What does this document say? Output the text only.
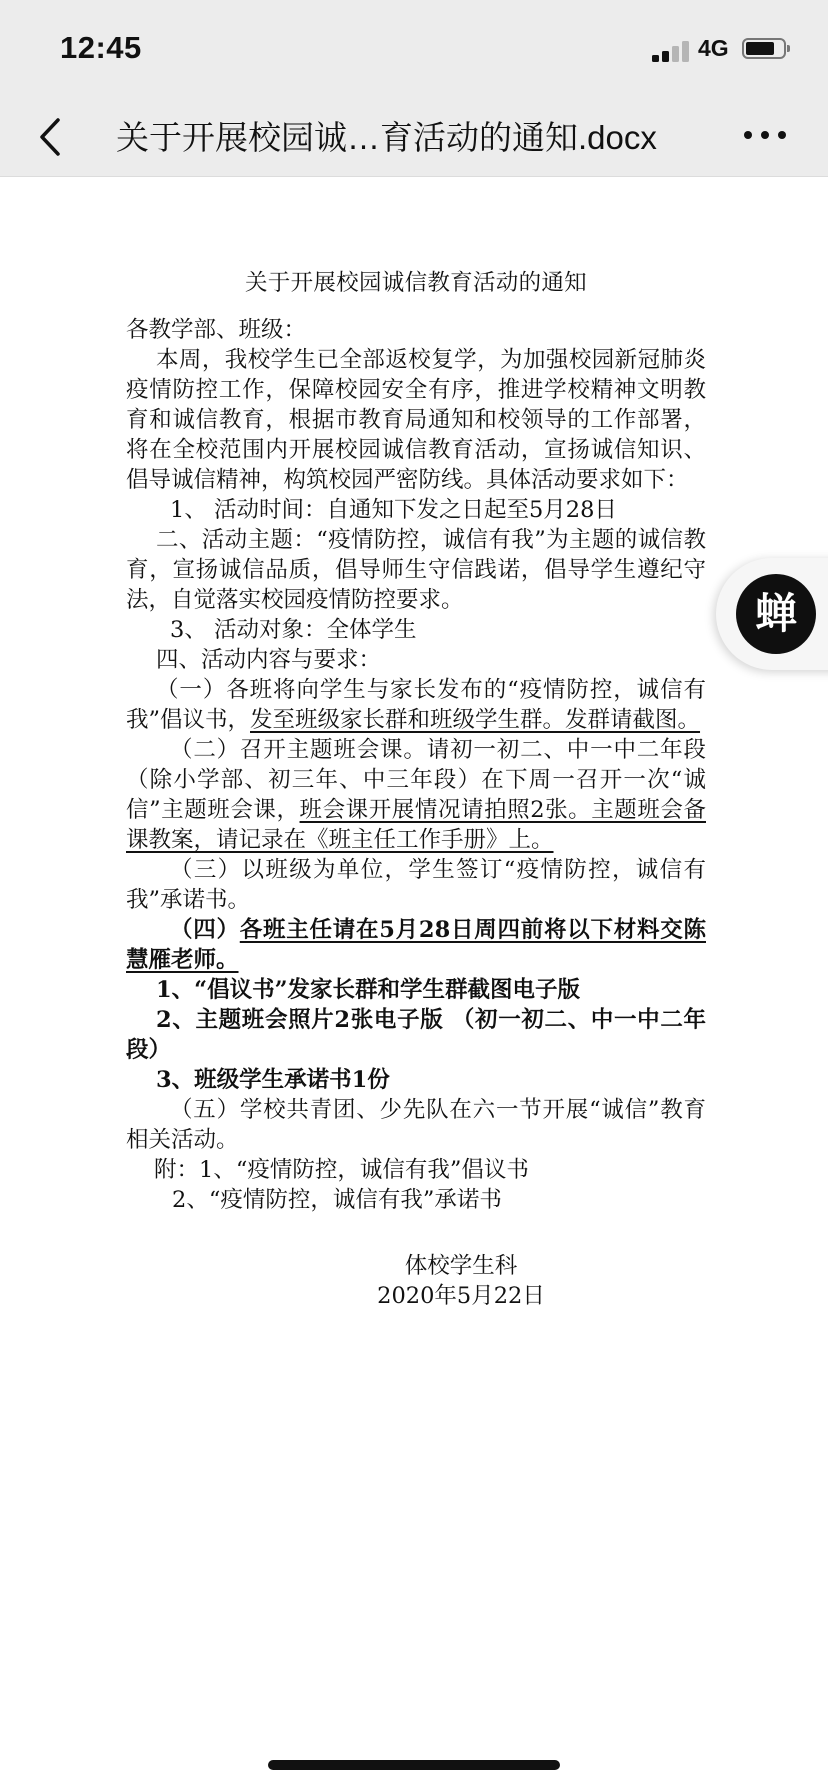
12:45	4G
关于开展校园诚…育活动的通知.docx
关于开展校园诚信教育活动的通知

各教学部、班级：

本周，我校学生已全部返校复学，为加强校园新冠肺炎疫情防控工作，保障校园安全有序，推进学校精神文明教育和诚信教育，根据市教育局通知和校领导的工作部署，将在全校范围内开展校园诚信教育活动，宣扬诚信知识、倡导诚信精神，构筑校园严密防线。具体活动要求如下：

1、 活动时间：自通知下发之日起至5月28日

二、活动主题：“疫情防控，诚信有我”为主题的诚信教育，宣扬诚信品质，倡导师生守信践诺，倡导学生遵纪守法，自觉落实校园疫情防控要求。

3、 活动对象：全体学生

四、活动内容与要求：

（一）各班将向学生与家长发布的“疫情防控，诚信有我”倡议书，发至班级家长群和班级学生群。发群请截图。

（二）召开主题班会课。请初一初二、中一中二年段（除小学部、初三年、中三年段）在下周一召开一次“诚信”主题班会课，班会课开展情况请拍照2张。主题班会备课教案，请记录在《班主任工作手册》上。

（三）以班级为单位，学生签订“疫情防控，诚信有我”承诺书。

（四）各班主任请在5月28日周四前将以下材料交陈慧雁老师。

1、“倡议书”发家长群和学生群截图电子版

2、主题班会照片2张电子版 （初一初二、中一中二年段）

3、班级学生承诺书1份

（五）学校共青团、少先队在六一节开展“诚信”教育相关活动。

附：1、“疫情防控，诚信有我”倡议书

2、“疫情防控，诚信有我”承诺书

体校学生科

2020年5月22日

蝉
